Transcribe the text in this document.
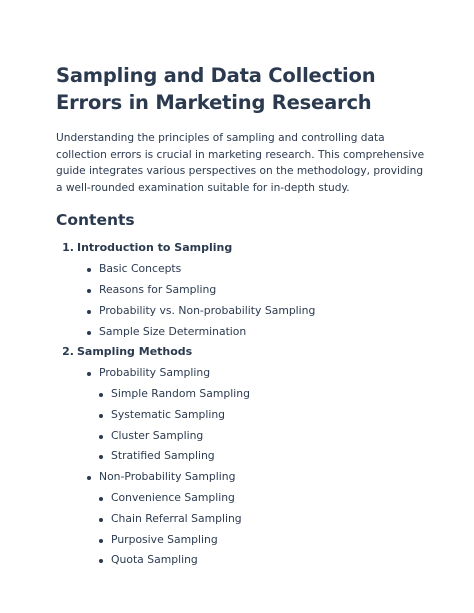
Sampling and Data Collection Errors in Marketing Research

Understanding the principles of sampling and controlling data collection errors is crucial in marketing research. This comprehensive guide integrates various perspectives on the methodology, providing a well-rounded examination suitable for in-depth study.

Contents
1. Introduction to Sampling
Basic Concepts
Reasons for Sampling
Probability vs. Non-probability Sampling
Sample Size Determination
2. Sampling Methods
Probability Sampling
Simple Random Sampling
Systematic Sampling
Cluster Sampling
Stratified Sampling
Non-Probability Sampling
Convenience Sampling
Chain Referral Sampling
Purposive Sampling
Quota Sampling
